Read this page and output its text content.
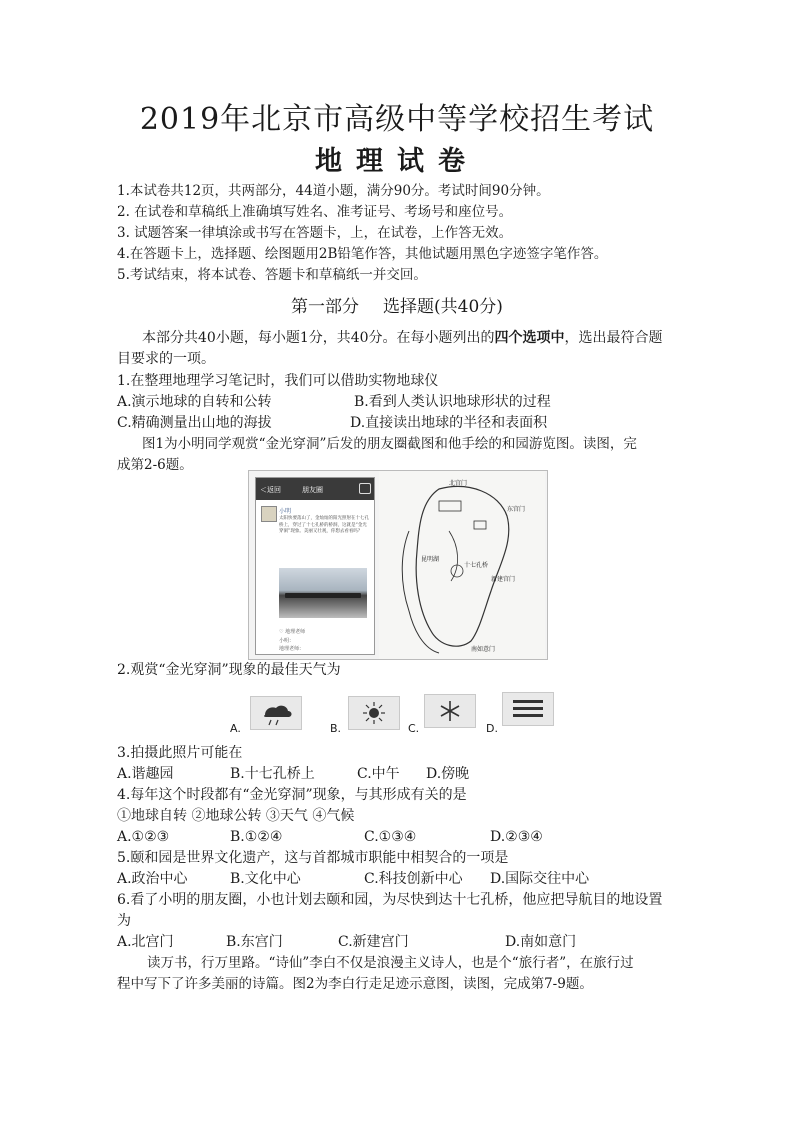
2019年北京市高级中等学校招生考试
地理试卷
1.本试卷共12页，共两部分，44道小题，满分90分。考试时间90分钟。
2. 在试卷和草稿纸上准确填写姓名、准考证号、考场号和座位号。
3. 试题答案一律填涂或书写在答题卡，上，在试卷，上作答无效。
4.在答题卡上，选择题、绘图题用2B铅笔作答，其他试题用黑色字迹签字笔作答。
5.考试结束，将本试卷、答题卡和草稿纸一并交回。
第一部分 选择题(共40分)
本部分共40小题，每小题1分，共40分。在每小题列出的四个选项中，选出最符合题
目要求的一项。
1.在整理地理学习笔记时，我们可以借助实物地球仪
A.演示地球的自转和公转	B.看到人类认识地球形状的过程
C.精确测量出山地的海拔	D.直接读出地球的半径和表面积
图1为小明同学观赏“金光穿洞”后发的朋友圈截图和他手绘的和园游览图。读图，完
成第2-6题。
＜返回	朋友圈
小明
太阳快要落山了，金灿灿的阳光照射在十七孔桥上，穿过了十七孔桥的桥洞，这就是“金光穿洞”现象。美丽又壮观，你想去看看吗？
♡ 地理老师
小明：
地理老师：
北宫门
东宫门
新建宫门
南如意门
十七孔桥
昆明湖
2.观赏“金光穿洞”现象的最佳天气为
A.	B.	C.	D.
3.拍摄此照片可能在
A.谐趣园	B.十七孔桥上	C.中午 D.傍晚
4.每年这个时段都有“金光穿洞”现象，与其形成有关的是
①地球自转 ②地球公转 ③天气 ④气候
A.①②③	B.①②④	C.①③④	D.②③④
5.颐和园是世界文化遗产，这与首都城市职能中相契合的一项是
A.政治中心	B.文化中心	C.科技创新中心 D.国际交往中心
6.看了小明的朋友圈，小也计划去颐和园，为尽快到达十七孔桥，他应把导航目的地设置
为
A.北宫门	B.东宫门	C.新建宫门	D.南如意门
读万书，行万里路。“诗仙”李白不仅是浪漫主义诗人，也是个“旅行者”，在旅行过
程中写下了许多美丽的诗篇。图2为李白行走足迹示意图，读图，完成第7-9题。
